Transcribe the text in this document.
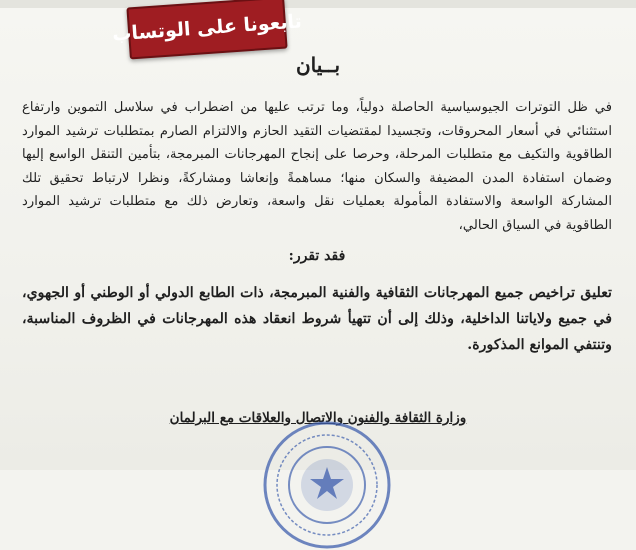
تابعونا على الوتساب
بــيان

في ظل التوترات الجيوسياسية الحاصلة دولياً، وما ترتب عليها من اضطراب في سلاسل التموين وارتفاع استثنائي في أسعار المحروقات، وتجسيدا لمقتضيات التقيد الحازم والالتزام الصارم بمتطلبات ترشيد الموارد الطاقوية والتكيف مع متطلبات المرحلة، وحرصا على إنجاح المهرجانات المبرمجة، بتأمين التنقل الواسع إليها وضمان استفادة المدن المضيفة والسكان منها؛ مساهمةً وإنعاشا ومشاركةً، ونظرا لارتباط تحقيق تلك المشاركة الواسعة والاستفادة المأمولة بعمليات نقل واسعة، وتعارض ذلك مع متطلبات ترشيد الموارد الطاقوية في السياق الحالي،

فقد تقرر:

تعليق تراخيص جميع المهرجانات الثقافية والفنية المبرمجة، ذات الطابع الدولي أو الوطني أو الجهوي، في جميع ولاياتنا الداخلية، وذلك إلى أن تتهيأ شروط انعقاد هذه المهرجانات في الظروف المناسبة، وتنتفي الموانع المذكورة.

وزارة الثقافة والفنون والاتصال والعلاقات مع البرلمان
